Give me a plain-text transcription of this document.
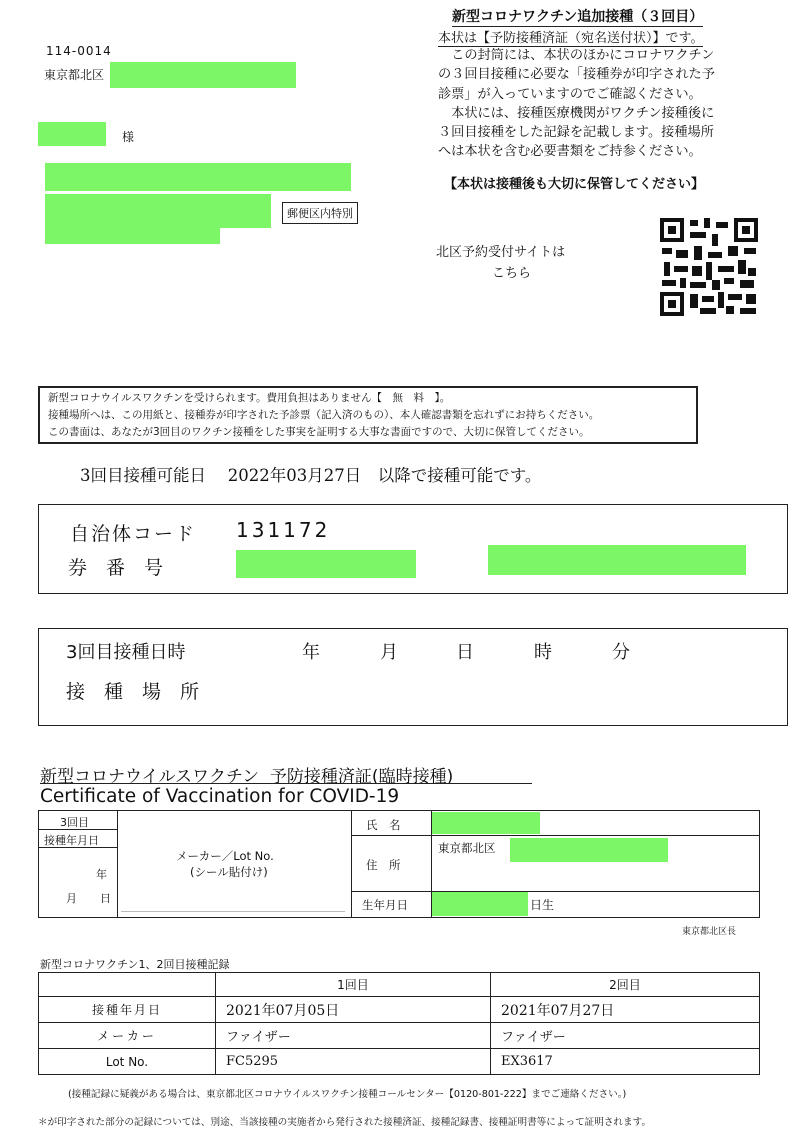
114-0014
東京都北区
様
郵便区内特別
新型コロナワクチン追加接種（３回目）
本状は【予防接種済証（宛名送付状）】です。
　この封筒には、本状のほかにコロナワクチン
の３回目接種に必要な「接種券が印字された予
診票」が入っていますのでご確認ください。
　本状には、接種医療機関がワクチン接種後に
３回目接種をした記録を記載します。接種場所
へは本状を含む必要書類をご持参ください。
【本状は接種後も大切に保管してください】
北区予約受付サイトは
こちら
新型コロナウイルスワクチンを受けられます。費用負担はありません【　無　料　】。
接種場所へは、この用紙と、接種券が印字された予診票（記入済のもの）、本人確認書類を忘れずにお持ちください。
この書面は、あなたが3回目のワクチン接種をした事実を証明する大事な書面ですので、大切に保管してください。
3回目接種可能日　 2022年03月27日　以降で接種可能です。
自治体コード 131172
券　番　号
3回目接種日時	年	月	日	時	分
接　種　場　所
新型コロナウイルスワクチン  予防接種済証(臨時接種)
Certificate of Vaccination for COVID-19
3回目
接種年月日
年
月 日
メーカー／Lot No.
(シール貼付け)
氏　名
住　所
東京都北区
生年月日	日生
東京都北区長
新型コロナワクチン1、2回目接種記録
	1回目	2回目
接種年月日	2021年07月05日	2021年07月27日
メーカー	ファイザー	ファイザー
Lot No.	FC5295	EX3617
(接種記録に疑義がある場合は、東京都北区コロナウイルスワクチン接種コールセンター【0120-801-222】までご連絡ください。)
＊が印字された部分の記録については、別途、当該接種の実施者から発行された接種済証、接種記録書、接種証明書等によって証明されます。
